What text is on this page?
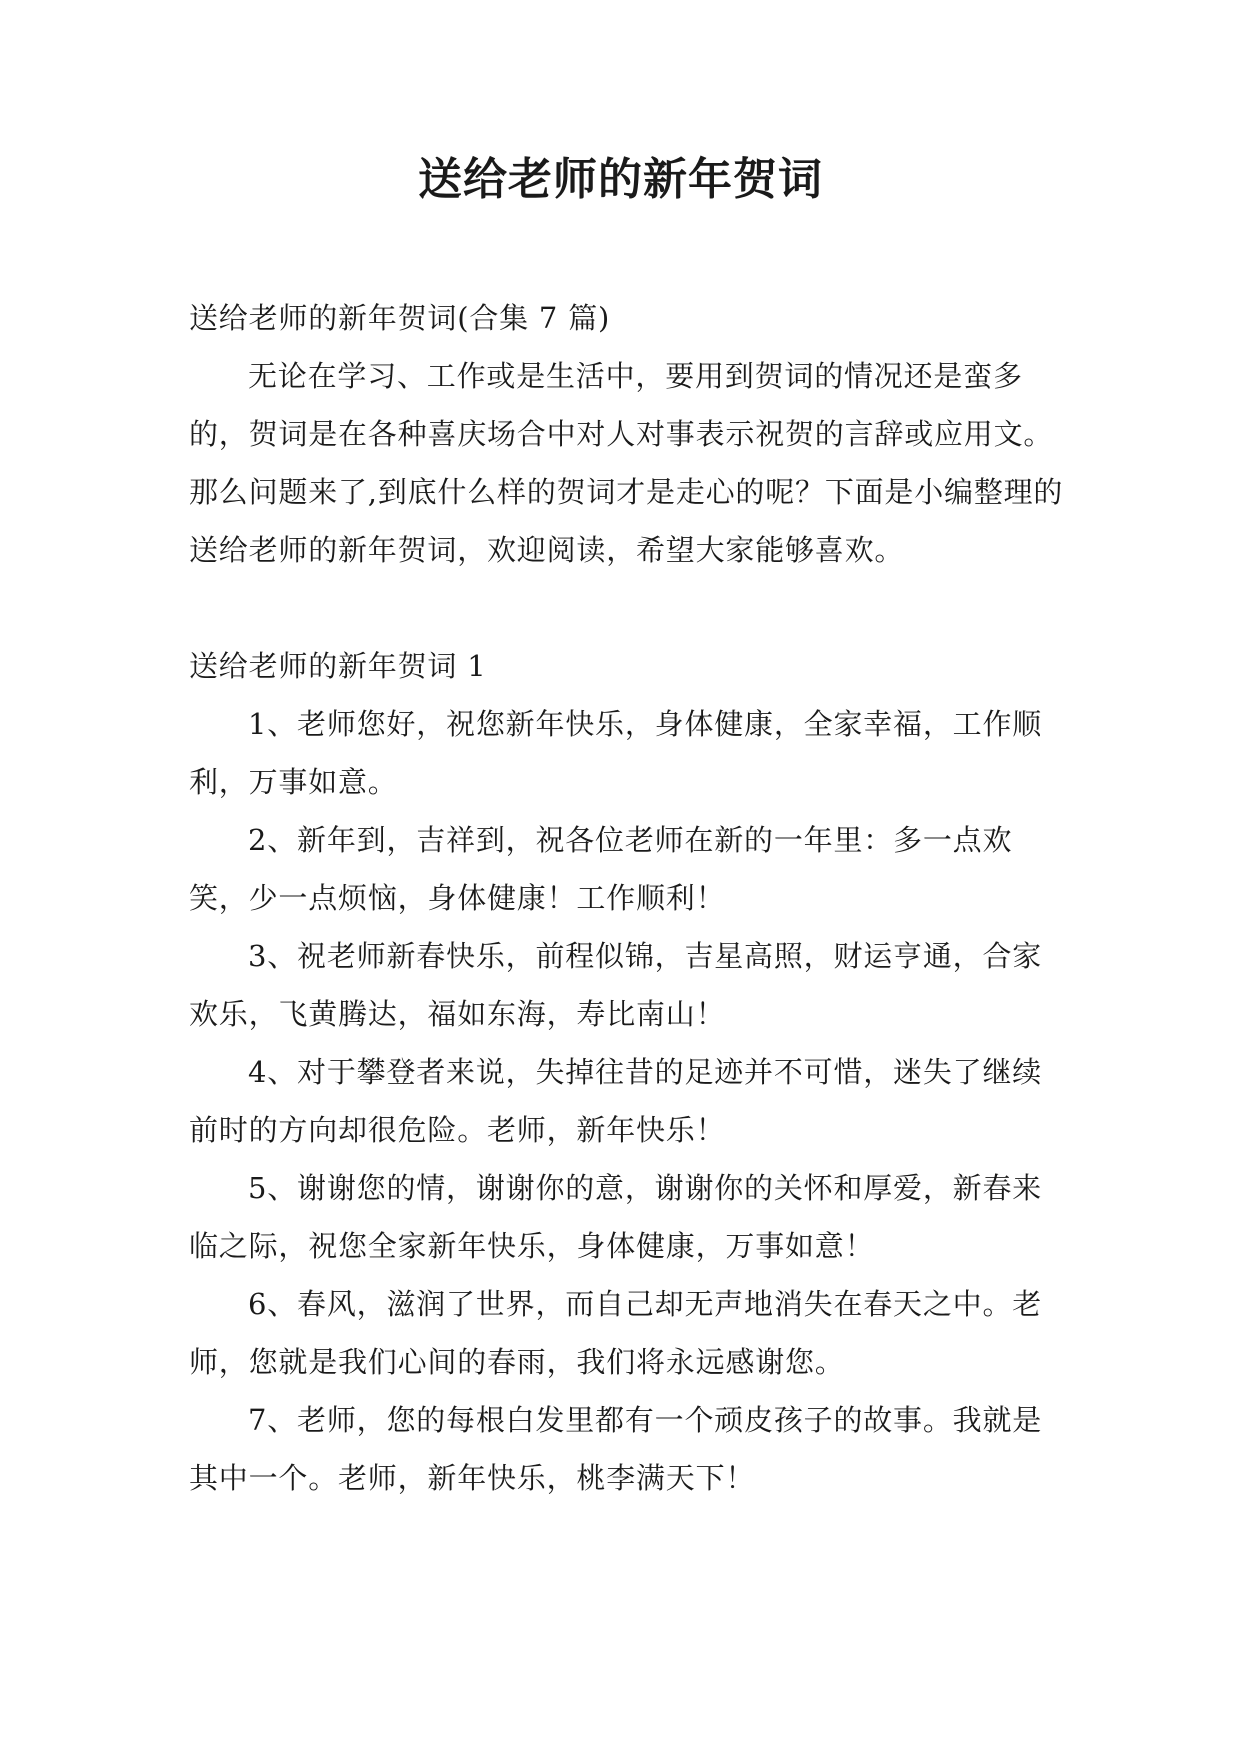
送给老师的新年贺词

送给老师的新年贺词(合集 7 篇)

无论在学习、工作或是生活中，要用到贺词的情况还是蛮多的，贺词是在各种喜庆场合中对人对事表示祝贺的言辞或应用文。那么问题来了,到底什么样的贺词才是走心的呢？下面是小编整理的送给老师的新年贺词，欢迎阅读，希望大家能够喜欢。

送给老师的新年贺词 1

1、老师您好，祝您新年快乐，身体健康，全家幸福，工作顺利，万事如意。

2、新年到，吉祥到，祝各位老师在新的一年里：多一点欢笑，少一点烦恼，身体健康！工作顺利！

3、祝老师新春快乐，前程似锦，吉星高照，财运亨通，合家欢乐，飞黄腾达，福如东海，寿比南山！

4、对于攀登者来说，失掉往昔的足迹并不可惜，迷失了继续前时的方向却很危险。老师，新年快乐！

5、谢谢您的情，谢谢你的意，谢谢你的关怀和厚爱，新春来临之际，祝您全家新年快乐，身体健康，万事如意！

6、春风，滋润了世界，而自己却无声地消失在春天之中。老师，您就是我们心间的春雨，我们将永远感谢您。

7、老师，您的每根白发里都有一个顽皮孩子的故事。我就是其中一个。老师，新年快乐，桃李满天下！
